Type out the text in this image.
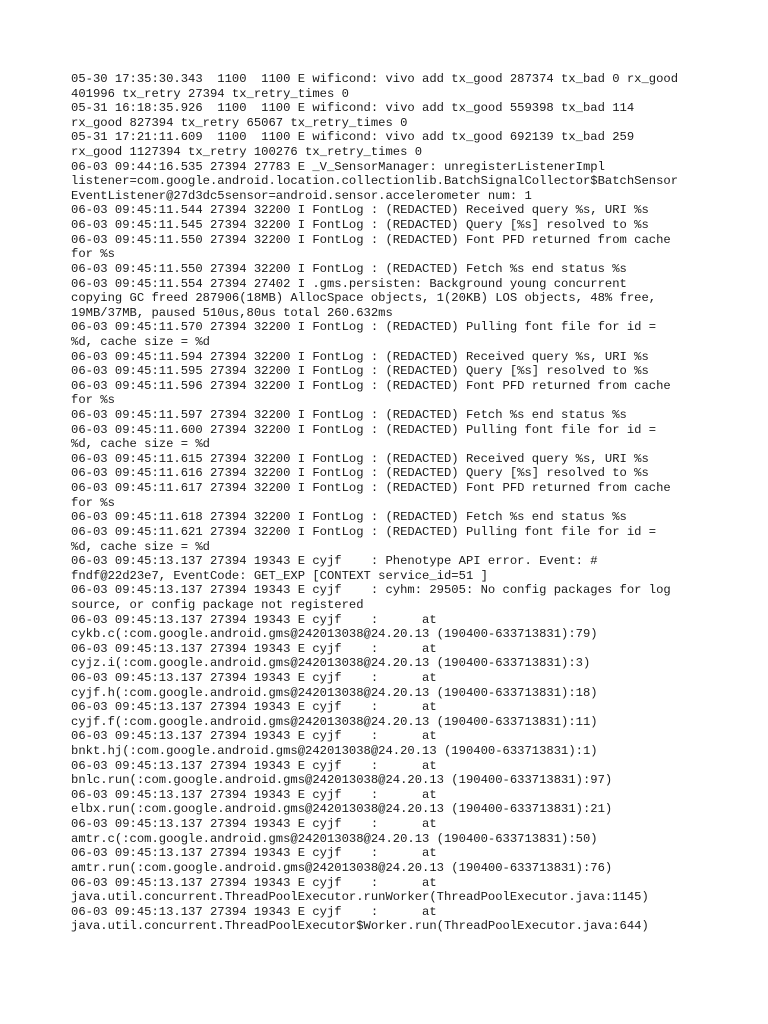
05-30 17:35:30.343  1100  1100 E wificond: vivo add tx_good 287374 tx_bad 0 rx_good
401996 tx_retry 27394 tx_retry_times 0
05-31 16:18:35.926  1100  1100 E wificond: vivo add tx_good 559398 tx_bad 114
rx_good 827394 tx_retry 65067 tx_retry_times 0
05-31 17:21:11.609  1100  1100 E wificond: vivo add tx_good 692139 tx_bad 259
rx_good 1127394 tx_retry 100276 tx_retry_times 0
06-03 09:44:16.535 27394 27783 E _V_SensorManager: unregisterListenerImpl
listener=com.google.android.location.collectionlib.BatchSignalCollector$BatchSensor
EventListener@27d3dc5sensor=android.sensor.accelerometer num: 1
06-03 09:45:11.544 27394 32200 I FontLog : (REDACTED) Received query %s, URI %s
06-03 09:45:11.545 27394 32200 I FontLog : (REDACTED) Query [%s] resolved to %s
06-03 09:45:11.550 27394 32200 I FontLog : (REDACTED) Font PFD returned from cache
for %s
06-03 09:45:11.550 27394 32200 I FontLog : (REDACTED) Fetch %s end status %s
06-03 09:45:11.554 27394 27402 I .gms.persisten: Background young concurrent
copying GC freed 287906(18MB) AllocSpace objects, 1(20KB) LOS objects, 48% free,
19MB/37MB, paused 510us,80us total 260.632ms
06-03 09:45:11.570 27394 32200 I FontLog : (REDACTED) Pulling font file for id =
%d, cache size = %d
06-03 09:45:11.594 27394 32200 I FontLog : (REDACTED) Received query %s, URI %s
06-03 09:45:11.595 27394 32200 I FontLog : (REDACTED) Query [%s] resolved to %s
06-03 09:45:11.596 27394 32200 I FontLog : (REDACTED) Font PFD returned from cache
for %s
06-03 09:45:11.597 27394 32200 I FontLog : (REDACTED) Fetch %s end status %s
06-03 09:45:11.600 27394 32200 I FontLog : (REDACTED) Pulling font file for id =
%d, cache size = %d
06-03 09:45:11.615 27394 32200 I FontLog : (REDACTED) Received query %s, URI %s
06-03 09:45:11.616 27394 32200 I FontLog : (REDACTED) Query [%s] resolved to %s
06-03 09:45:11.617 27394 32200 I FontLog : (REDACTED) Font PFD returned from cache
for %s
06-03 09:45:11.618 27394 32200 I FontLog : (REDACTED) Fetch %s end status %s
06-03 09:45:11.621 27394 32200 I FontLog : (REDACTED) Pulling font file for id =
%d, cache size = %d
06-03 09:45:13.137 27394 19343 E cyjf    : Phenotype API error. Event: #
fndf@22d23e7, EventCode: GET_EXP [CONTEXT service_id=51 ]
06-03 09:45:13.137 27394 19343 E cyjf    : cyhm: 29505: No config packages for log
source, or config package not registered
06-03 09:45:13.137 27394 19343 E cyjf    :      at
cykb.c(:com.google.android.gms@242013038@24.20.13 (190400-633713831):79)
06-03 09:45:13.137 27394 19343 E cyjf    :      at
cyjz.i(:com.google.android.gms@242013038@24.20.13 (190400-633713831):3)
06-03 09:45:13.137 27394 19343 E cyjf    :      at
cyjf.h(:com.google.android.gms@242013038@24.20.13 (190400-633713831):18)
06-03 09:45:13.137 27394 19343 E cyjf    :      at
cyjf.f(:com.google.android.gms@242013038@24.20.13 (190400-633713831):11)
06-03 09:45:13.137 27394 19343 E cyjf    :      at
bnkt.hj(:com.google.android.gms@242013038@24.20.13 (190400-633713831):1)
06-03 09:45:13.137 27394 19343 E cyjf    :      at
bnlc.run(:com.google.android.gms@242013038@24.20.13 (190400-633713831):97)
06-03 09:45:13.137 27394 19343 E cyjf    :      at
elbx.run(:com.google.android.gms@242013038@24.20.13 (190400-633713831):21)
06-03 09:45:13.137 27394 19343 E cyjf    :      at
amtr.c(:com.google.android.gms@242013038@24.20.13 (190400-633713831):50)
06-03 09:45:13.137 27394 19343 E cyjf    :      at
amtr.run(:com.google.android.gms@242013038@24.20.13 (190400-633713831):76)
06-03 09:45:13.137 27394 19343 E cyjf    :      at
java.util.concurrent.ThreadPoolExecutor.runWorker(ThreadPoolExecutor.java:1145)
06-03 09:45:13.137 27394 19343 E cyjf    :      at
java.util.concurrent.ThreadPoolExecutor$Worker.run(ThreadPoolExecutor.java:644)
